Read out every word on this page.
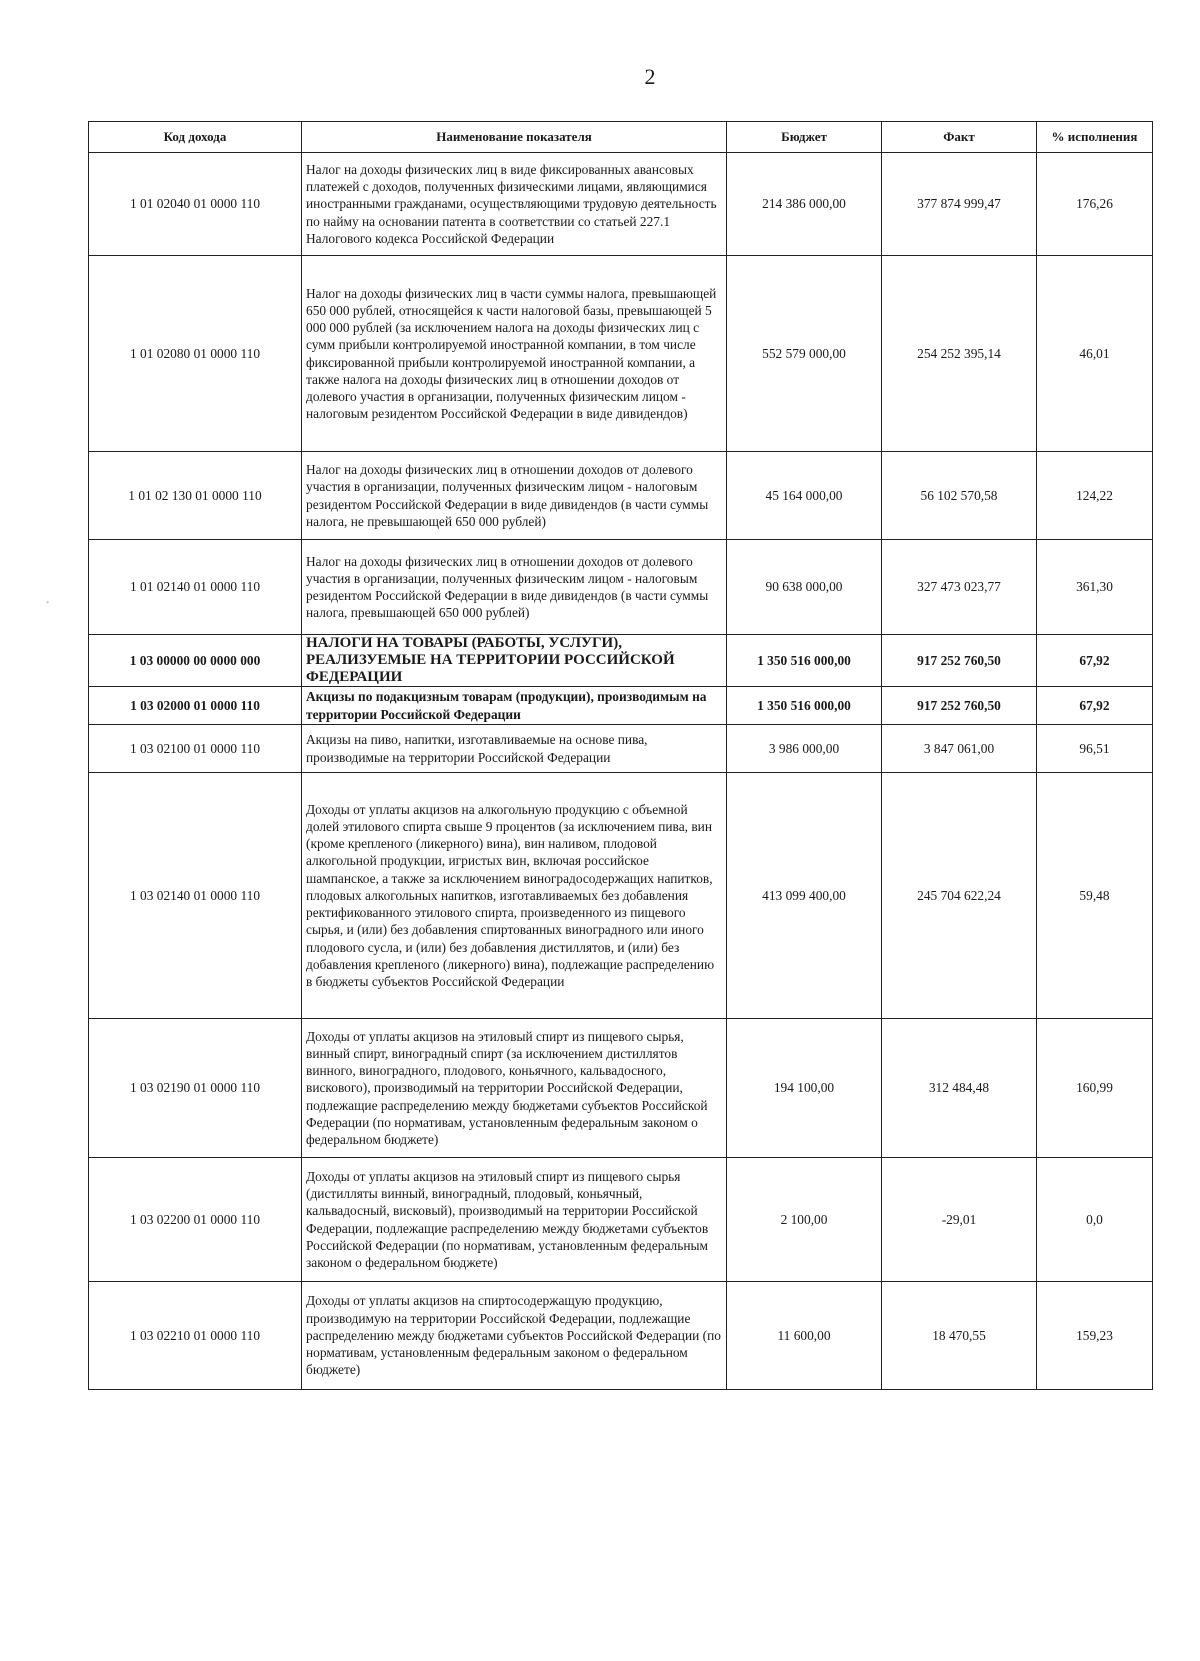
2
Код дохода	Наименование показателя	Бюджет	Факт	% исполнения
1 01 02040 01 0000 110	Налог на доходы физических лиц в виде фиксированных авансовых платежей с доходов, полученных физическими лицами, являющимися иностранными гражданами, осуществляющими трудовую деятельность по найму на основании патента в соответствии со статьей 227.1 Налогового кодекса Российской Федерации	214 386 000,00	377 874 999,47	176,26
1 01 02080 01 0000 110	Налог на доходы физических лиц в части суммы налога, превышающей 650 000 рублей, относящейся к части налоговой базы, превышающей 5 000 000 рублей (за исключением налога на доходы физических лиц с сумм прибыли контролируемой иностранной компании, в том числе фиксированной прибыли контролируемой иностранной компании, а также налога на доходы физических лиц в отношении доходов от долевого участия в организации, полученных физическим лицом - налоговым резидентом Российской Федерации в виде дивидендов)	552 579 000,00	254 252 395,14	46,01
1 01 02 130 01 0000 110	Налог на доходы физических лиц в отношении доходов от долевого участия в организации, полученных физическим лицом - налоговым резидентом Российской Федерации в виде дивидендов (в части суммы налога, не превышающей 650 000 рублей)	45 164 000,00	56 102 570,58	124,22
1 01 02140 01 0000 110	Налог на доходы физических лиц в отношении доходов от долевого участия в организации, полученных физическим лицом - налоговым резидентом Российской Федерации в виде дивидендов (в части суммы налога, превышающей 650 000 рублей)	90 638 000,00	327 473 023,77	361,30
1 03 00000 00 0000 000	НАЛОГИ НА ТОВАРЫ (РАБОТЫ, УСЛУГИ), РЕАЛИЗУЕМЫЕ НА ТЕРРИТОРИИ РОССИЙСКОЙ ФЕДЕРАЦИИ	1 350 516 000,00	917 252 760,50	67,92
1 03 02000 01 0000 110	Акцизы по подакцизным товарам (продукции), производимым на территории Российской Федерации	1 350 516 000,00	917 252 760,50	67,92
1 03 02100 01 0000 110	Акцизы на пиво, напитки, изготавливаемые на основе пива, производимые на территории Российской Федерации	3 986 000,00	3 847 061,00	96,51
1 03 02140 01 0000 110	Доходы от уплаты акцизов на алкогольную продукцию с объемной долей этилового спирта свыше 9 процентов (за исключением пива, вин (кроме крепленого (ликерного) вина), вин наливом, плодовой алкогольной продукции, игристых вин, включая российское шампанское, а также за исключением виноградосодержащих напитков, плодовых алкогольных напитков, изготавливаемых без добавления ректификованного этилового спирта, произведенного из пищевого сырья, и (или) без добавления спиртованных виноградного или иного плодового сусла, и (или) без добавления дистиллятов, и (или) без добавления крепленого (ликерного) вина), подлежащие распределению в бюджеты субъектов Российской Федерации	413 099 400,00	245 704 622,24	59,48
1 03 02190 01 0000 110	Доходы от уплаты акцизов на этиловый спирт из пищевого сырья, винный спирт, виноградный спирт (за исключением дистиллятов винного, виноградного, плодового, коньячного, кальвадосного, вискового), производимый на территории Российской Федерации, подлежащие распределению между бюджетами субъектов Российской Федерации (по нормативам, установленным федеральным законом о федеральном бюджете)	194 100,00	312 484,48	160,99
1 03 02200 01 0000 110	Доходы от уплаты акцизов на этиловый спирт из пищевого сырья (дистилляты винный, виноградный, плодовый, коньячный, кальвадосный, висковый), производимый на территории Российской Федерации, подлежащие распределению между бюджетами субъектов Российской Федерации (по нормативам, установленным федеральным законом о федеральном бюджете)	2 100,00	-29,01	0,0
1 03 02210 01 0000 110	Доходы от уплаты акцизов на спиртосодержащую продукцию, производимую на территории Российской Федерации, подлежащие распределению между бюджетами субъектов Российской Федерации (по нормативам, установленным федеральным законом о федеральном бюджете)	11 600,00	18 470,55	159,23
ﾞ
